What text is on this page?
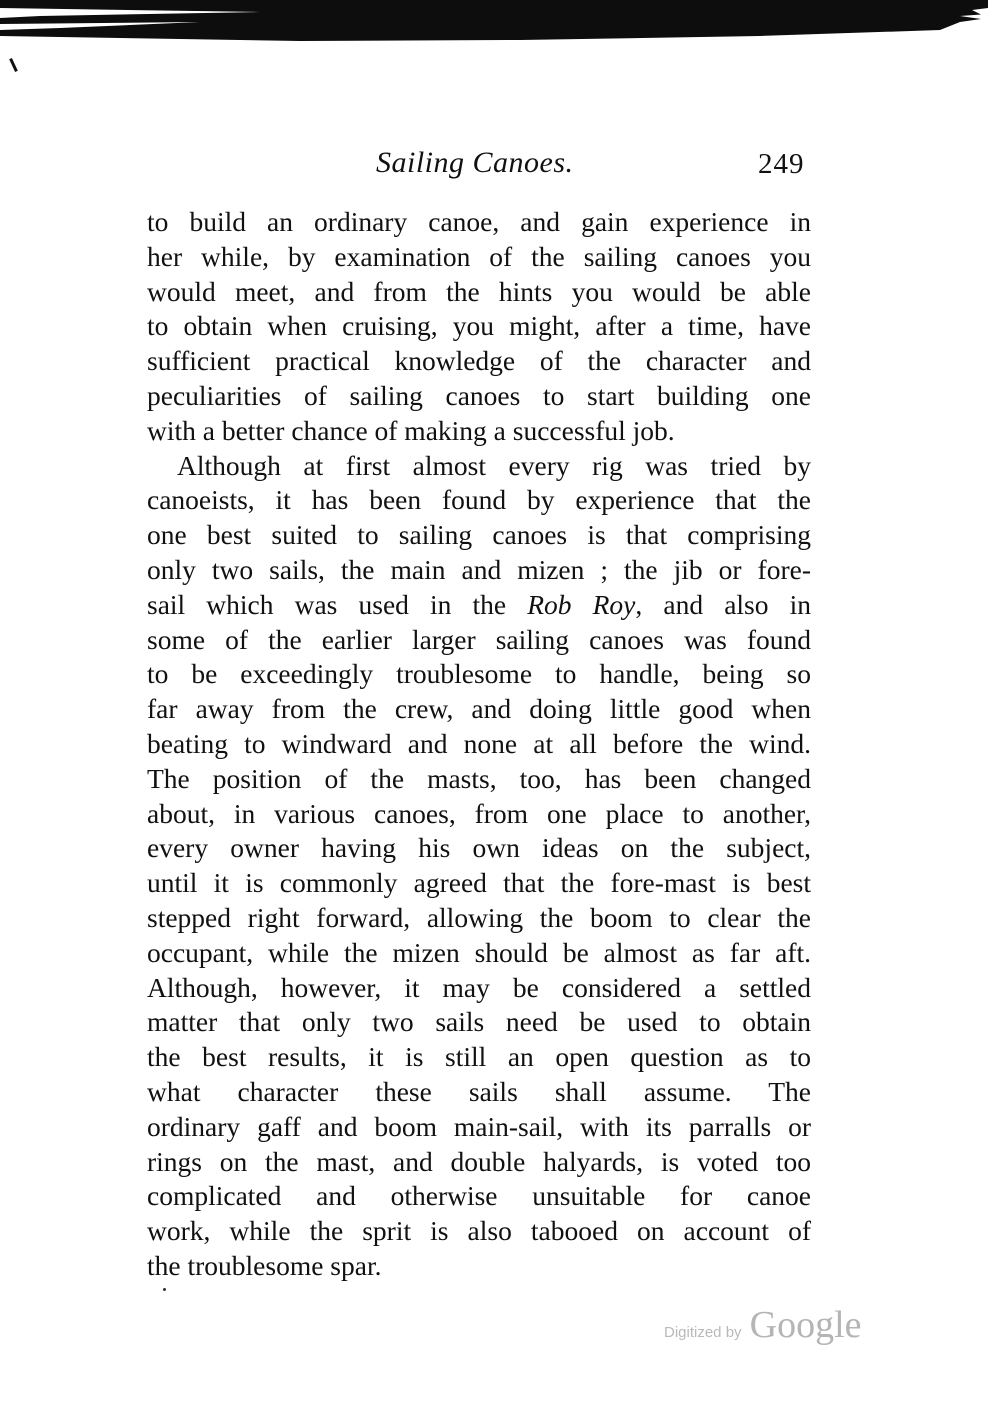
Sailing Canoes.	249
to build an ordinary canoe, and gain experience in
her while, by examination of the sailing canoes you
would meet, and from the hints you would be able
to obtain when cruising, you might, after a time, have
sufficient practical knowledge of the character and
peculiarities of sailing canoes to start building one
with a better chance of making a successful job.
Although at first almost every rig was tried by
canoeists, it has been found by experience that the
one best suited to sailing canoes is that comprising
only two sails, the main and mizen ; the jib or fore-
sail which was used in the Rob Roy, and also in
some of the earlier larger sailing canoes was found
to be exceedingly troublesome to handle, being so
far away from the crew, and doing little good when
beating to windward and none at all before the wind.
The position of the masts, too, has been changed
about, in various canoes, from one place to another,
every owner having his own ideas on the subject,
until it is commonly agreed that the fore-mast is best
stepped right forward, allowing the boom to clear the
occupant, while the mizen should be almost as far aft.
Although, however, it may be considered a settled
matter that only two sails need be used to obtain
the best results, it is still an open question as to
what character these sails shall assume. The
ordinary gaff and boom main-sail, with its parralls or
rings on the mast, and double halyards, is voted too
complicated and otherwise unsuitable for canoe
work, while the sprit is also tabooed on account of
the troublesome spar.
Digitized by Google
